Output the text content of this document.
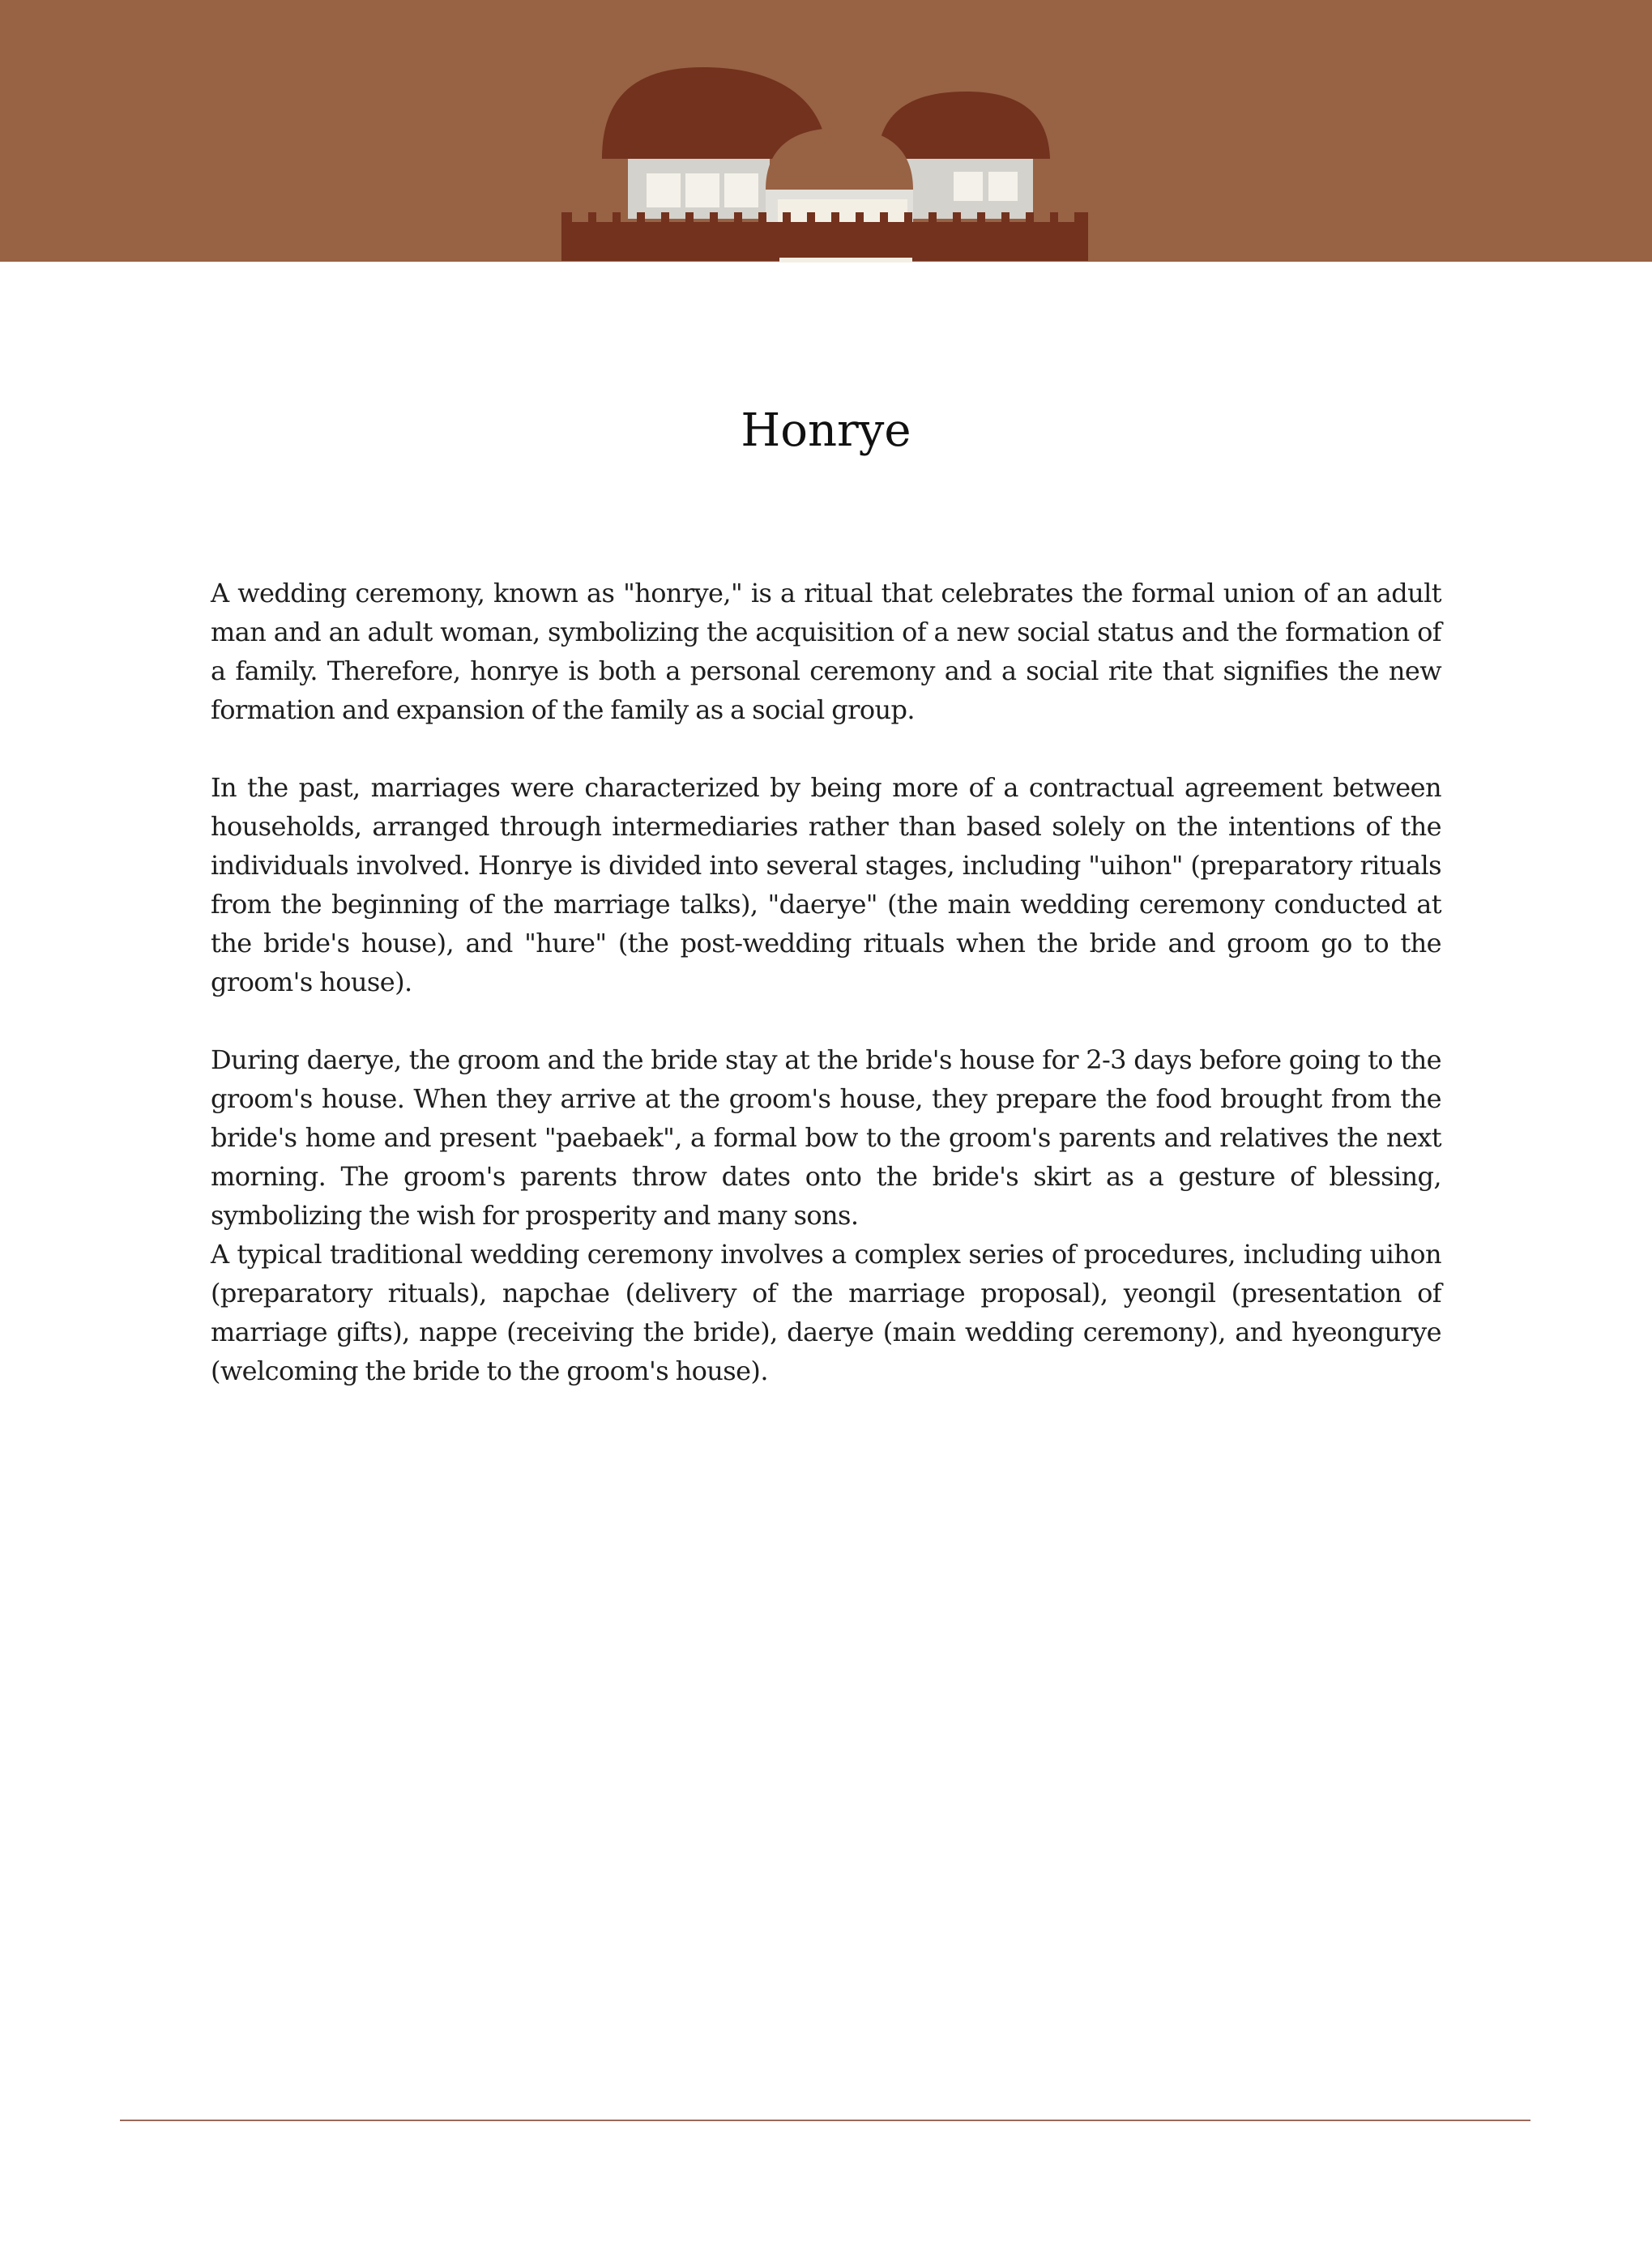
Honrye

A wedding ceremony, known as "honrye," is a ritual that celebrates the formal union of an adult man and an adult woman, symbolizing the acquisition of a new social status and the formation of a family. Therefore, honrye is both a personal ceremony and a social rite that signifies the new formation and expansion of the family as a social group.

In the past, marriages were characterized by being more of a contractual agreement between households, arranged through intermediaries rather than based solely on the intentions of the individuals involved. Honrye is divided into several stages, including "uihon" (preparatory rituals from the beginning of the marriage talks), "daerye" (the main wedding ceremony conducted at the bride's house), and "hure" (the post-wedding rituals when the bride and groom go to the groom's house).

During daerye, the groom and the bride stay at the bride's house for 2-3 days before going to the groom's house. When they arrive at the groom's house, they prepare the food brought from the bride's home and present "paebaek", a formal bow to the groom's parents and relatives the next morning. The groom's parents throw dates onto the bride's skirt as a gesture of blessing, symbolizing the wish for prosperity and many sons.

A typical traditional wedding ceremony involves a complex series of procedures, including uihon (preparatory rituals), napchae (delivery of the marriage proposal), yeongil (presentation of marriage gifts), nappe (receiving the bride), daerye (main wedding ceremony), and hyeongurye (welcoming the bride to the groom's house).
